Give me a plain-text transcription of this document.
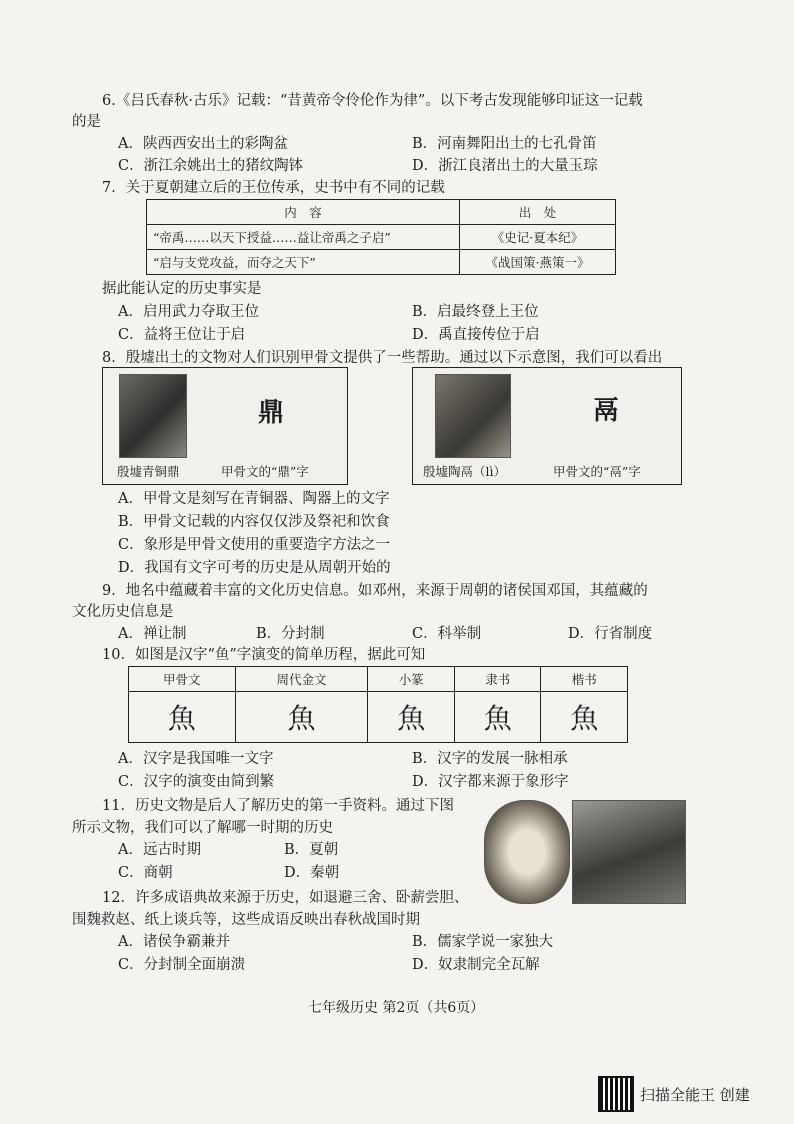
6.《吕氏春秋·古乐》记载：“昔黄帝令伶伦作为律”。以下考古发现能够印证这一记载
的是
A．陕西西安出土的彩陶盆	B．河南舞阳出土的七孔骨笛
C．浙江余姚出土的猪纹陶钵	D．浙江良渚出土的大量玉琮
7．关于夏朝建立后的王位传承，史书中有不同的记载
内　容	出　处
“帝禹……以天下授益……益让帝禹之子启”	《史记·夏本纪》
“启与支党攻益，而夺之天下”	《战国策·燕策一》
据此能认定的历史事实是
A．启用武力夺取王位	B．启最终登上王位
C．益将王位让于启	D．禹直接传位于启
8．殷墟出土的文物对人们识别甲骨文提供了一些帮助。通过以下示意图，我们可以看出
鼎
殷墟青铜鼎	甲骨文的“鼎”字
鬲
殷墟陶鬲（lì）	甲骨文的“鬲”字
A．甲骨文是刻写在青铜器、陶器上的文字
B．甲骨文记载的内容仅仅涉及祭祀和饮食
C．象形是甲骨文使用的重要造字方法之一
D．我国有文字可考的历史是从周朝开始的
9．地名中蕴藏着丰富的文化历史信息。如邓州，来源于周朝的诸侯国邓国，其蕴藏的
文化历史信息是
A．禅让制	B．分封制	C．科举制	D．行省制度
10．如图是汉字“鱼”字演变的简单历程，据此可知
甲骨文	周代金文	小篆	隶书	楷书
魚	魚	魚	魚	魚
A．汉字是我国唯一文字	B．汉字的发展一脉相承
C．汉字的演变由简到繁	D．汉字都来源于象形字
11．历史文物是后人了解历史的第一手资料。通过下图
所示文物，我们可以了解哪一时期的历史
A．远古时期	B．夏朝
C．商朝	D．秦朝
12．许多成语典故来源于历史，如退避三舍、卧薪尝胆、
围魏救赵、纸上谈兵等，这些成语反映出春秋战国时期
A．诸侯争霸兼并	B．儒家学说一家独大
C．分封制全面崩溃	D．奴隶制完全瓦解
七年级历史 第2页（共6页）
扫描全能王 创建
